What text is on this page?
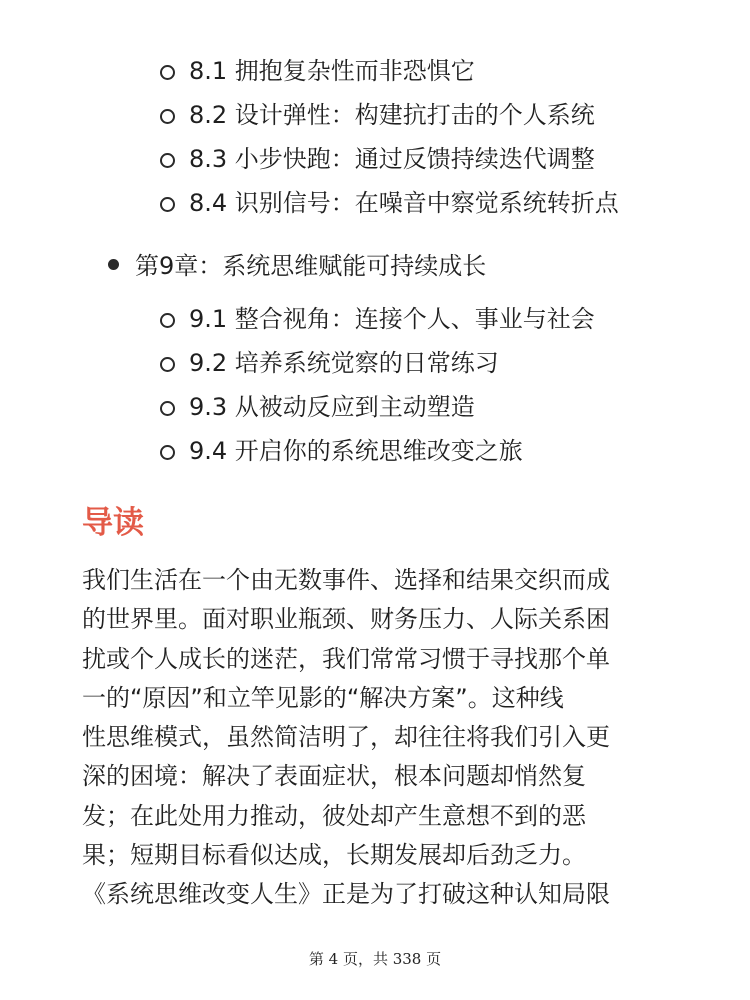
8.1 拥抱复杂性而非恐惧它
8.2 设计弹性：构建抗打击的个人系统
8.3 小步快跑：通过反馈持续迭代调整
8.4 识别信号：在噪音中察觉系统转折点
第9章：系统思维赋能可持续成长
9.1 整合视角：连接个人、事业与社会
9.2 培养系统觉察的日常练习
9.3 从被动反应到主动塑造
9.4 开启你的系统思维改变之旅
导读

我们生活在一个由无数事件、选择和结果交织而成
的世界里。面对职业瓶颈、财务压力、人际关系困
扰或个人成长的迷茫，我们常常习惯于寻找那个单
一的“原因”和立竿见影的“解决方案”。这种线
性思维模式，虽然简洁明了，却往往将我们引入更
深的困境：解决了表面症状，根本问题却悄然复
发；在此处用力推动，彼处却产生意想不到的恶
果；短期目标看似达成，长期发展却后劲乏力。
《系统思维改变人生》正是为了打破这种认知局限

第 4 页，共 338 页
